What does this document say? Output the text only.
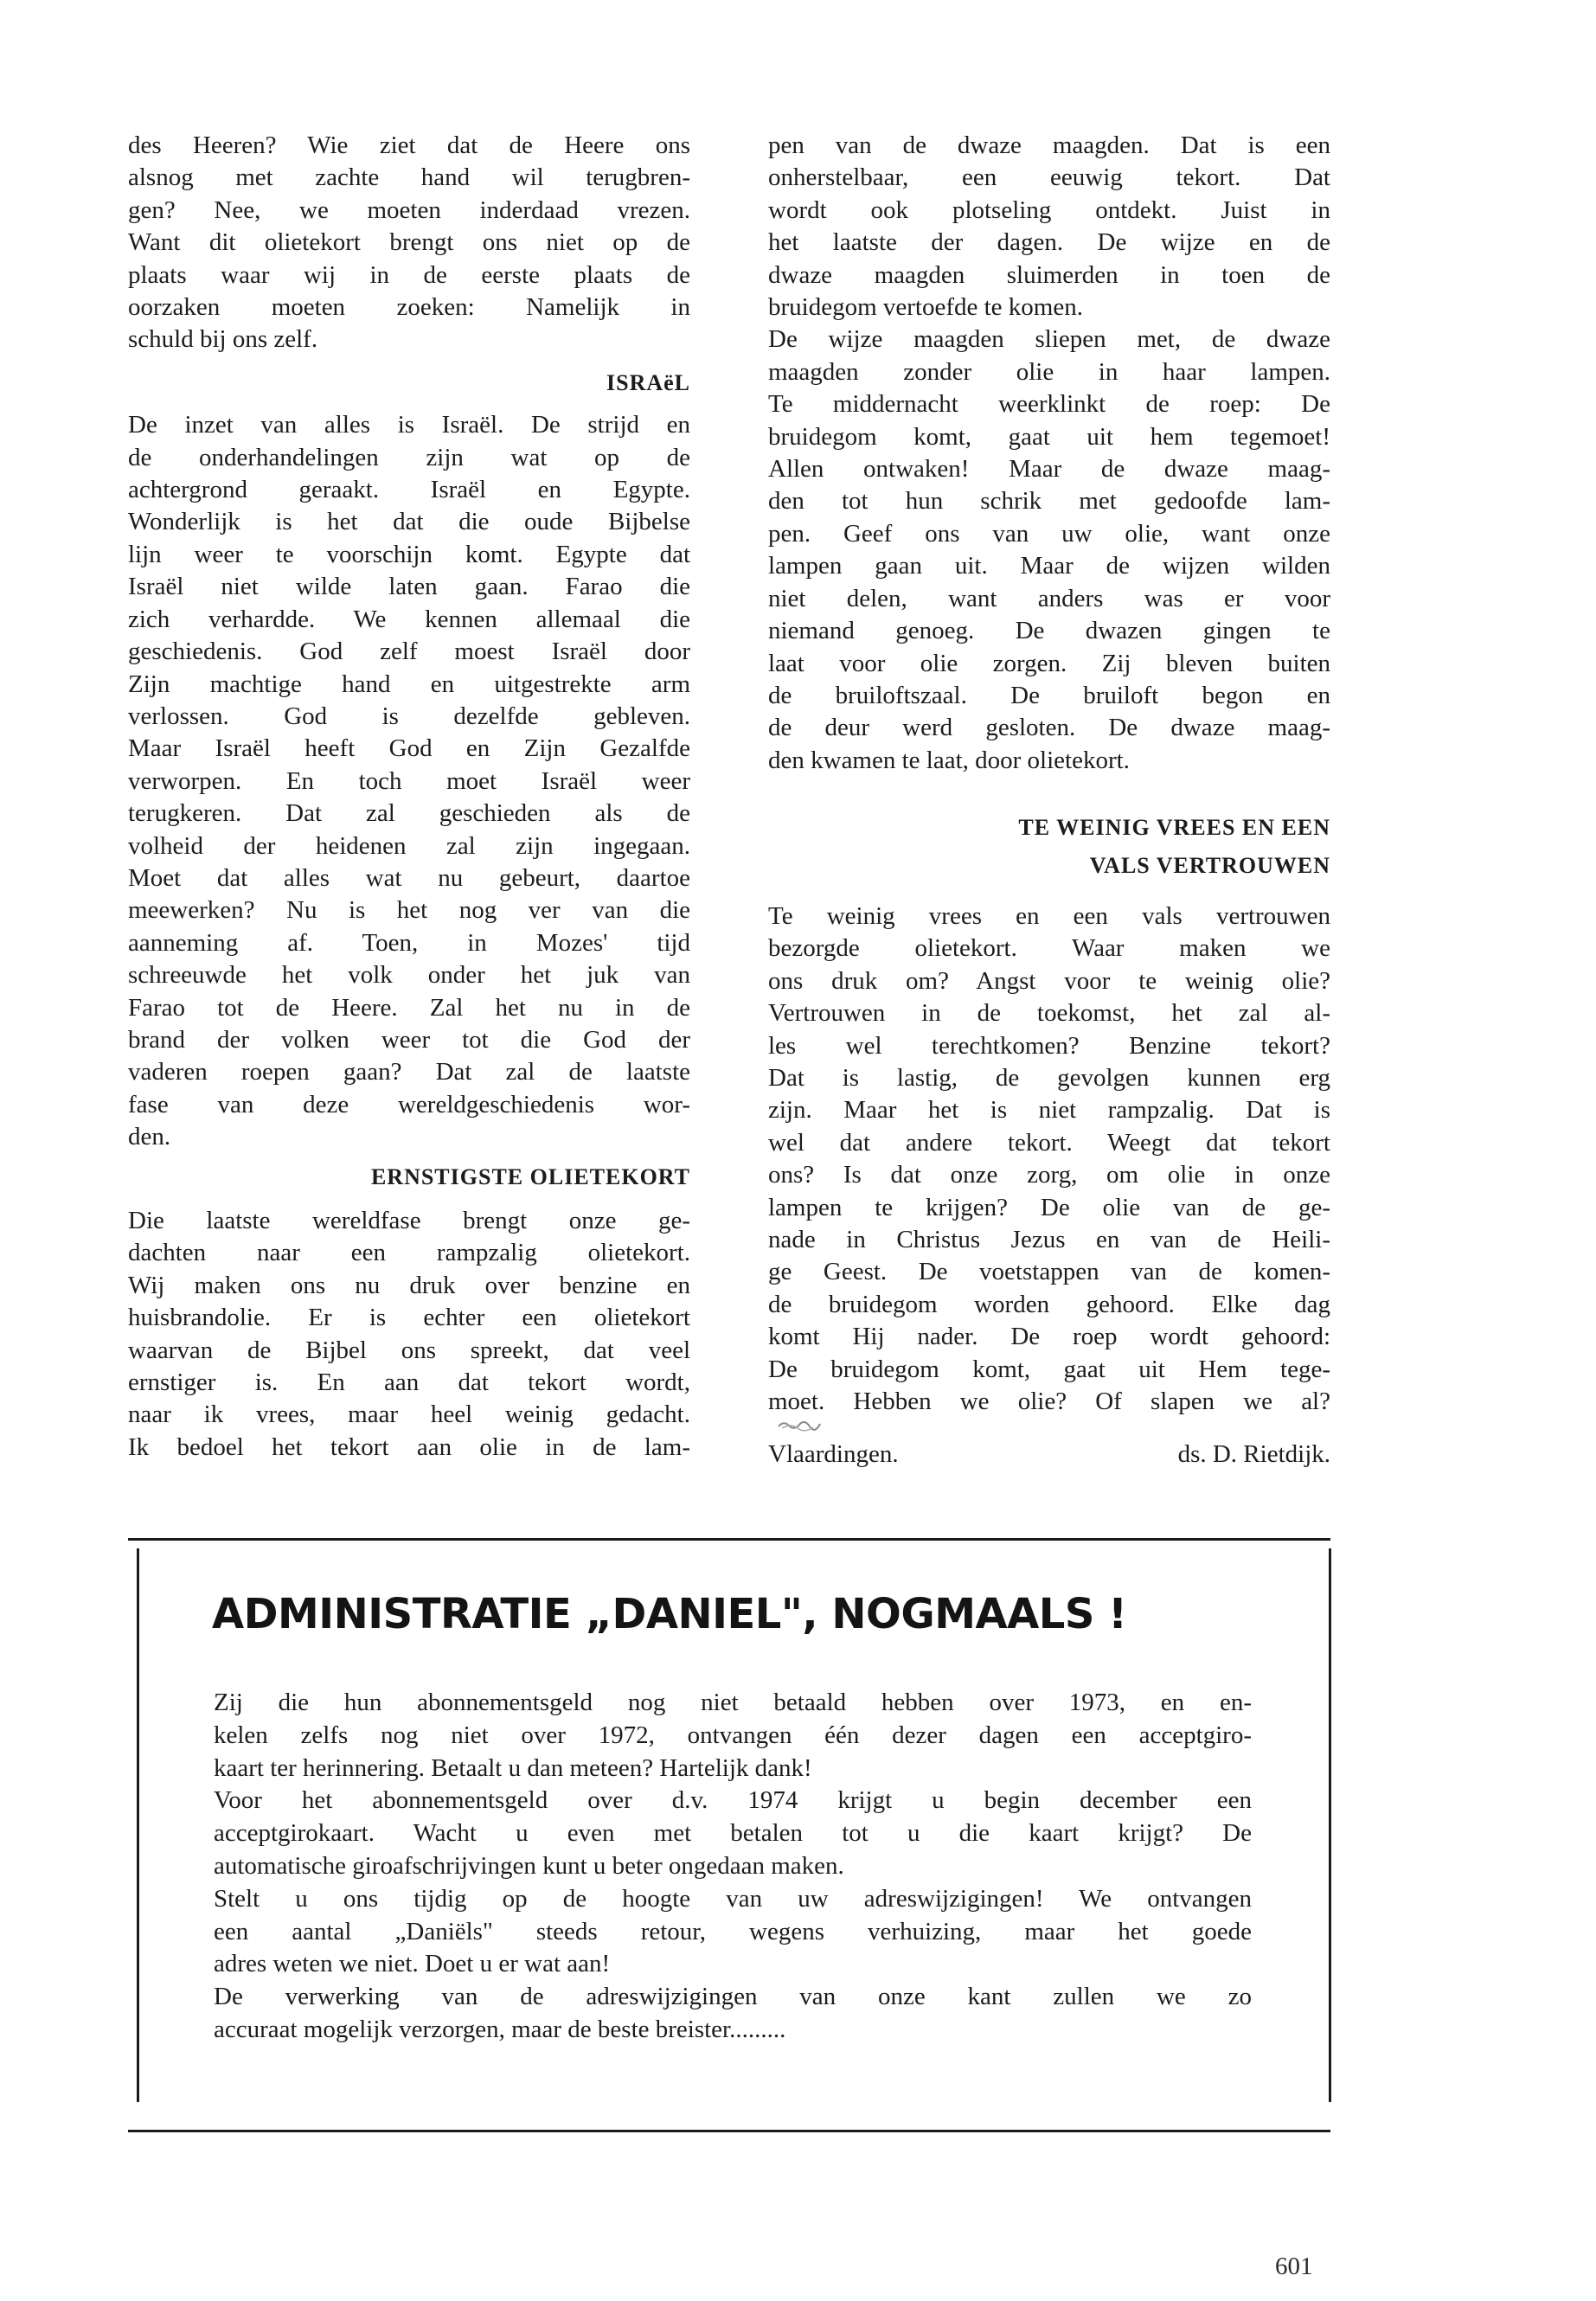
des Heeren? Wie ziet dat de Heere ons
alsnog met zachte hand wil terugbren-
gen? Nee, we moeten inderdaad vrezen.
Want dit olietekort brengt ons niet op de
plaats waar wij in de eerste plaats de
oorzaken moeten zoeken: Namelijk in
schuld bij ons zelf.

ISRAëL

De inzet van alles is Israël. De strijd en
de onderhandelingen zijn wat op de
achtergrond geraakt. Israël en Egypte.
Wonderlijk is het dat die oude Bijbelse
lijn weer te voorschijn komt. Egypte dat
Israël niet wilde laten gaan. Farao die
zich verhardde. We kennen allemaal die
geschiedenis. God zelf moest Israël door
Zijn machtige hand en uitgestrekte arm
verlossen. God is dezelfde gebleven.
Maar Israël heeft God en Zijn Gezalfde
verworpen. En toch moet Israël weer
terugkeren. Dat zal geschieden als de
volheid der heidenen zal zijn ingegaan.
Moet dat alles wat nu gebeurt, daartoe
meewerken? Nu is het nog ver van die
aanneming af. Toen, in Mozes' tijd
schreeuwde het volk onder het juk van
Farao tot de Heere. Zal het nu in de
brand der volken weer tot die God der
vaderen roepen gaan? Dat zal de laatste
fase van deze wereldgeschiedenis wor-
den.

ERNSTIGSTE OLIETEKORT

Die laatste wereldfase brengt onze ge-
dachten naar een rampzalig olietekort.
Wij maken ons nu druk over benzine en
huisbrandolie. Er is echter een olietekort
waarvan de Bijbel ons spreekt, dat veel
ernstiger is. En aan dat tekort wordt,
naar ik vrees, maar heel weinig gedacht.
Ik bedoel het tekort aan olie in de lam-

pen van de dwaze maagden. Dat is een
onherstelbaar, een eeuwig tekort. Dat
wordt ook plotseling ontdekt. Juist in
het laatste der dagen. De wijze en de
dwaze maagden sluimerden in toen de
bruidegom vertoefde te komen.
De wijze maagden sliepen met, de dwaze
maagden zonder olie in haar lampen.
Te middernacht weerklinkt de roep: De
bruidegom komt, gaat uit hem tegemoet!
Allen ontwaken! Maar de dwaze maag-
den tot hun schrik met gedoofde lam-
pen. Geef ons van uw olie, want onze
lampen gaan uit. Maar de wijzen wilden
niet delen, want anders was er voor
niemand genoeg. De dwazen gingen te
laat voor olie zorgen. Zij bleven buiten
de bruiloftszaal. De bruiloft begon en
de deur werd gesloten. De dwaze maag-
den kwamen te laat, door olietekort.

TE WEINIG VREES EN EEN
VALS VERTROUWEN

Te weinig vrees en een vals vertrouwen
bezorgde olietekort. Waar maken we
ons druk om? Angst voor te weinig olie?
Vertrouwen in de toekomst, het zal al-
les wel terechtkomen? Benzine tekort?
Dat is lastig, de gevolgen kunnen erg
zijn. Maar het is niet rampzalig. Dat is
wel dat andere tekort. Weegt dat tekort
ons? Is dat onze zorg, om olie in onze
lampen te krijgen? De olie van de ge-
nade in Christus Jezus en van de Heili-
ge Geest. De voetstappen van de komen-
de bruidegom worden gehoord. Elke dag
komt Hij nader. De roep wordt gehoord:
De bruidegom komt, gaat uit Hem tege-
moet. Hebben we olie? Of slapen we al?

Vlaardingen.	ds. D. Rietdijk.
ADMINISTRATIE „DANIEL", NOGMAALS !
Zij die hun abonnementsgeld nog niet betaald hebben over 1973, en en-
kelen zelfs nog niet over 1972, ontvangen één dezer dagen een acceptgiro-
kaart ter herinnering. Betaalt u dan meteen? Hartelijk dank!
Voor het abonnementsgeld over d.v. 1974 krijgt u begin december een
acceptgirokaart. Wacht u even met betalen tot u die kaart krijgt? De
automatische giroafschrijvingen kunt u beter ongedaan maken.
Stelt u ons tijdig op de hoogte van uw adreswijzigingen! We ontvangen
een aantal „Daniëls" steeds retour, wegens verhuizing, maar het goede
adres weten we niet. Doet u er wat aan!
De verwerking van de adreswijzigingen van onze kant zullen we zo
accuraat mogelijk verzorgen, maar de beste breister.........
601
